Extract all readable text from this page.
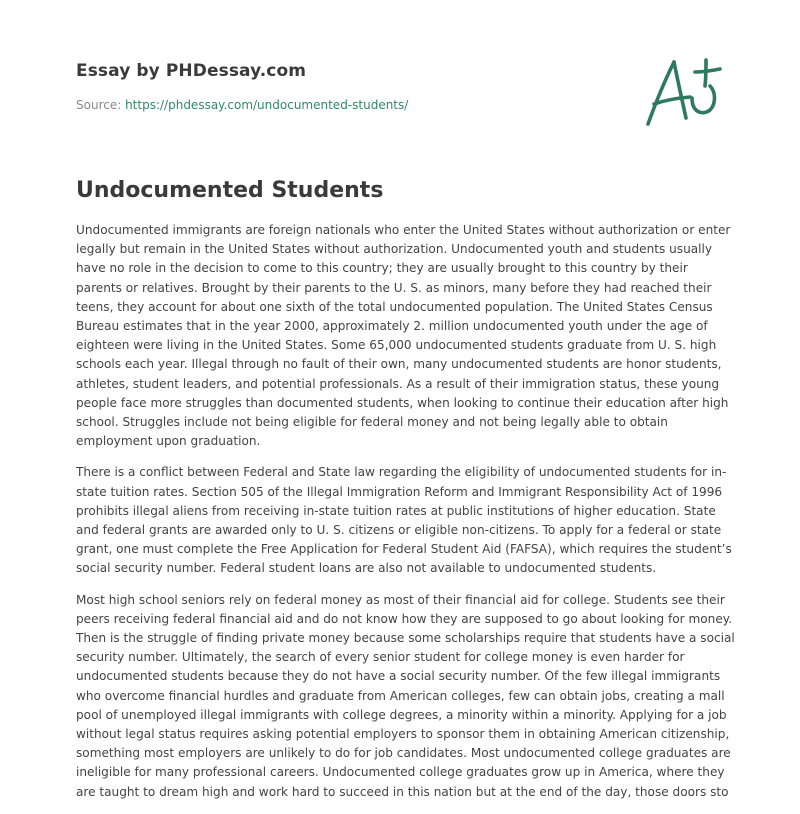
Essay by PHDessay.com
Source: https://phdessay.com/undocumented-students/
Undocumented Students

Undocumented immigrants are foreign nationals who enter the United States without authorization or enter legally but remain in the United States without authorization. Undocumented youth and students usually have no role in the decision to come to this country; they are usually brought to this country by their parents or relatives. Brought by their parents to the U. S. as minors, many before they had reached their teens, they account for about one sixth of the total undocumented population. The United States Census Bureau estimates that in the year 2000, approximately 2. million undocumented youth under the age of eighteen were living in the United States. Some 65,000 undocumented students graduate from U. S. high schools each year. Illegal through no fault of their own, many undocumented students are honor students, athletes, student leaders, and potential professionals. As a result of their immigration status, these young people face more struggles than documented students, when looking to continue their education after high school. Struggles include not being eligible for federal money and not being legally able to obtain employment upon graduation.

There is a conflict between Federal and State law regarding the eligibility of undocumented students for in-state tuition rates. Section 505 of the Illegal Immigration Reform and Immigrant Responsibility Act of 1996 prohibits illegal aliens from receiving in-state tuition rates at public institutions of higher education. State and federal grants are awarded only to U. S. citizens or eligible non-citizens. To apply for a federal or state grant, one must complete the Free Application for Federal Student Aid (FAFSA), which requires the student’s social security number. Federal student loans are also not available to undocumented students.

Most high school seniors rely on federal money as most of their financial aid for college. Students see their peers receiving federal financial aid and do not know how they are supposed to go about looking for money. Then is the struggle of finding private money because some scholarships require that students have a social security number. Ultimately, the search of every senior student for college money is even harder for undocumented students because they do not have a social security number. Of the few illegal immigrants who overcome financial hurdles and graduate from American colleges, few can obtain jobs, creating a mall pool of unemployed illegal immigrants with college degrees, a minority within a minority. Applying for a job without legal status requires asking potential employers to sponsor them in obtaining American citizenship, something most employers are unlikely to do for job candidates. Most undocumented college graduates are ineligible for many professional careers. Undocumented college graduates grow up in America, where they are taught to dream high and work hard to succeed in this nation but at the end of the day, those doors sto
